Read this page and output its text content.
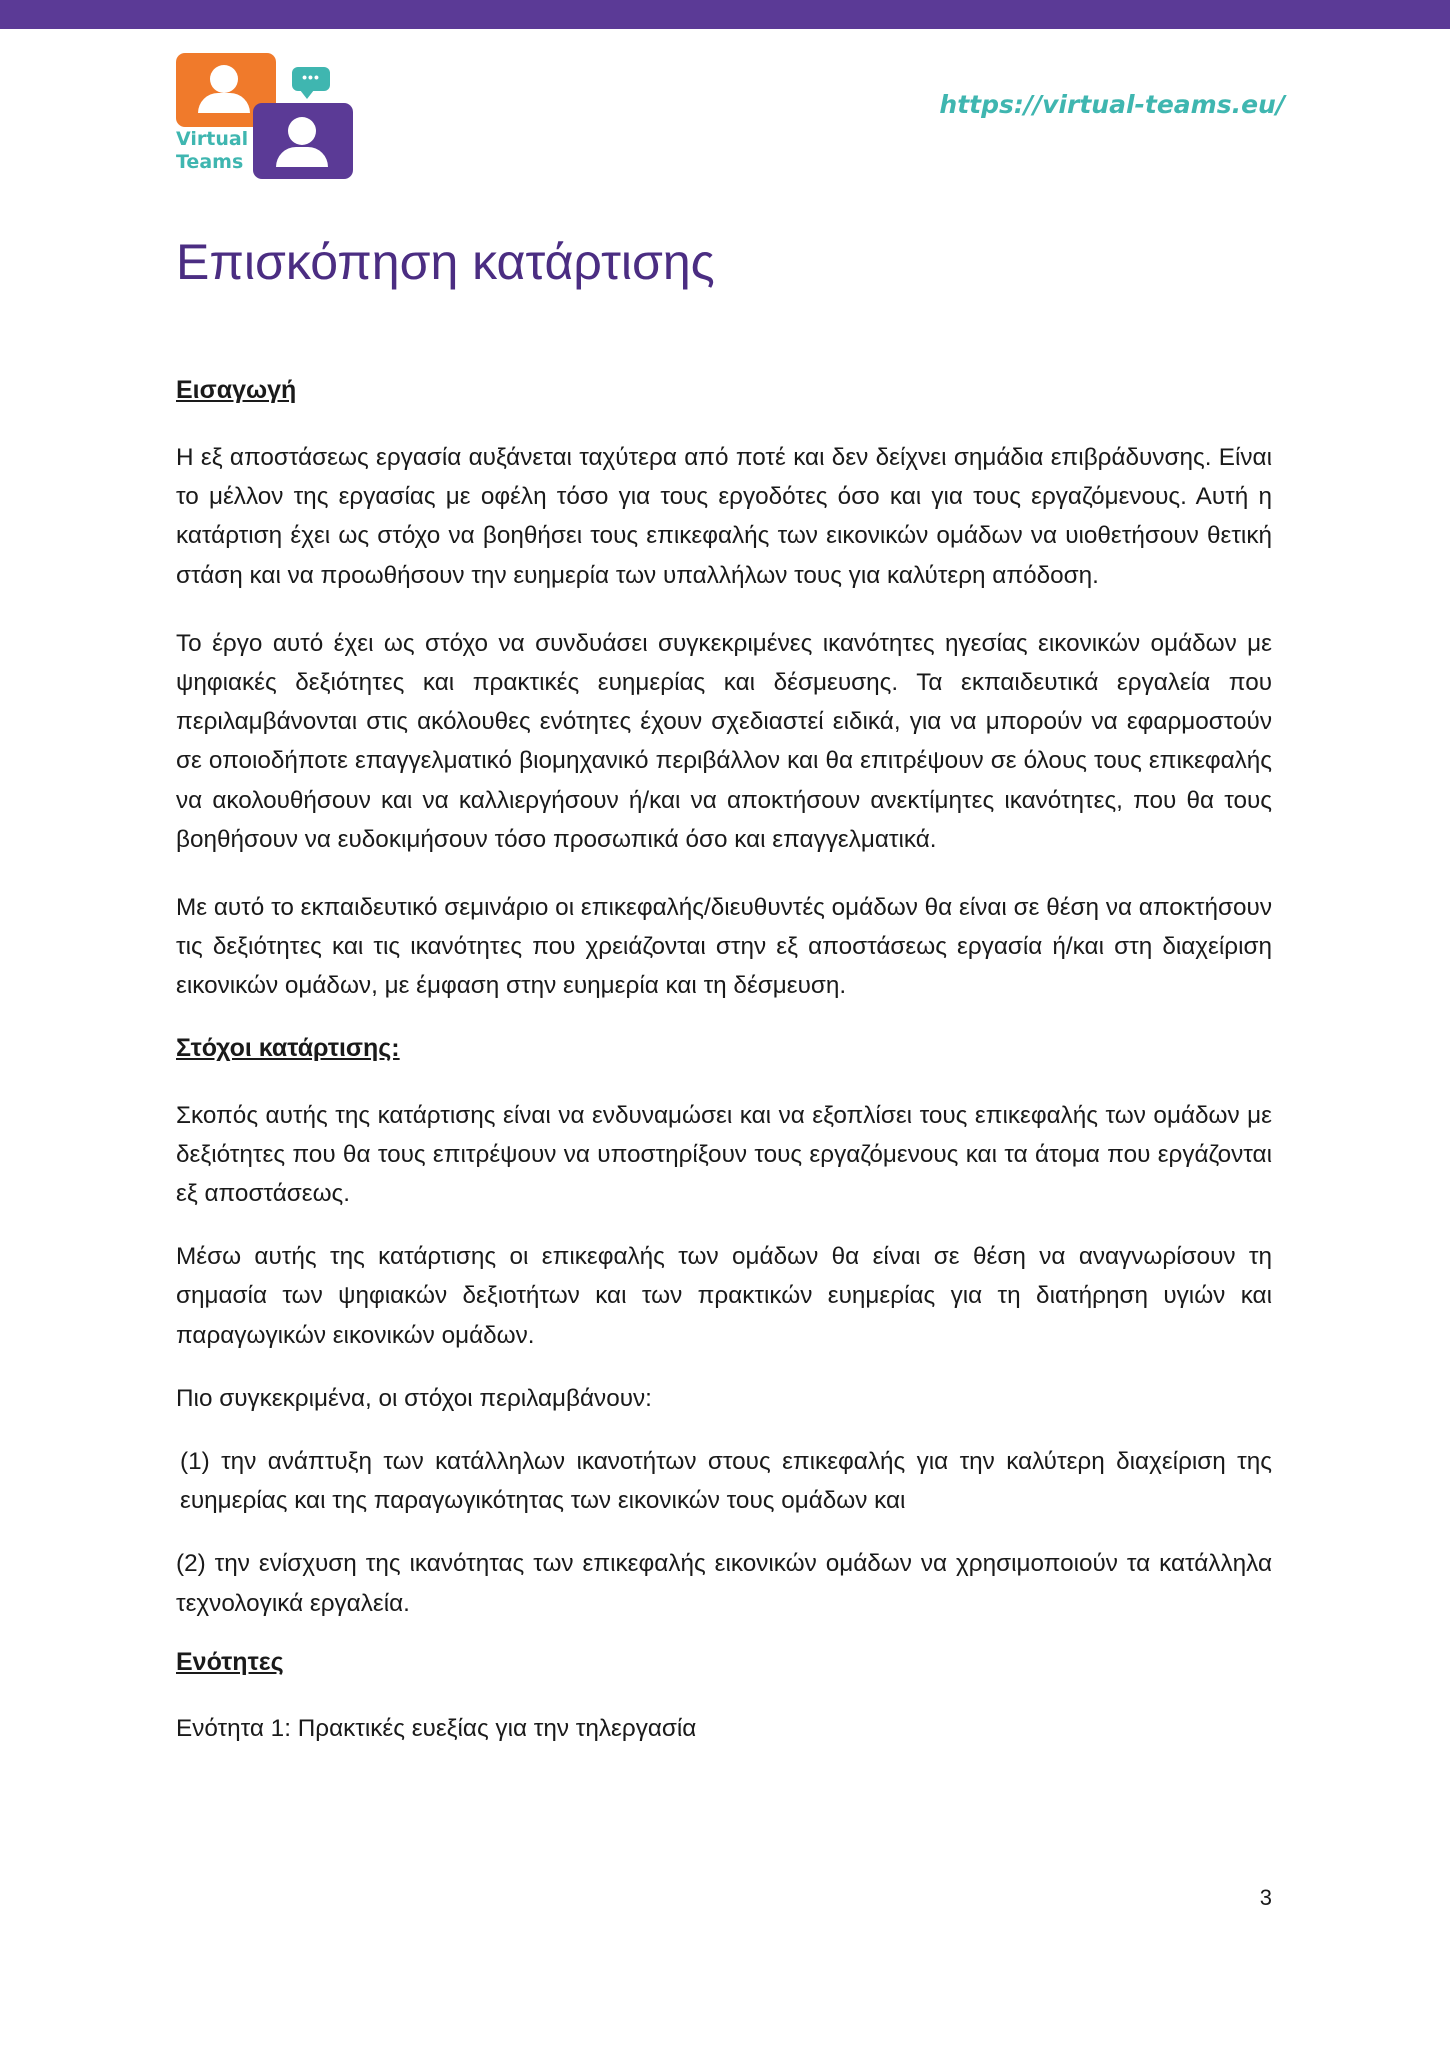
•••
Virtual
Teams
https://virtual-teams.eu/
Επισκόπηση κατάρτισης
Εισαγωγή

Η εξ αποστάσεως εργασία αυξάνεται ταχύτερα από ποτέ και δεν δείχνει σημάδια επιβράδυνσης. Είναι το μέλλον της εργασίας με οφέλη τόσο για τους εργοδότες όσο και για τους εργαζόμενους. Αυτή η κατάρτιση έχει ως στόχο να βοηθήσει τους επικεφαλής των εικονικών ομάδων να υιοθετήσουν θετική στάση και να προωθήσουν την ευημερία των υπαλλήλων τους για καλύτερη απόδοση.

Το έργο αυτό έχει ως στόχο να συνδυάσει συγκεκριμένες ικανότητες ηγεσίας εικονικών ομάδων με ψηφιακές δεξιότητες και πρακτικές ευημερίας και δέσμευσης. Τα εκπαιδευτικά εργαλεία που περιλαμβάνονται στις ακόλουθες ενότητες έχουν σχεδιαστεί ειδικά, για να μπορούν να εφαρμοστούν σε οποιοδήποτε επαγγελματικό βιομηχανικό περιβάλλον και θα επιτρέψουν σε όλους τους επικεφαλής να ακολουθήσουν και να καλλιεργήσουν ή/και να αποκτήσουν ανεκτίμητες ικανότητες, που θα τους βοηθήσουν να ευδοκιμήσουν τόσο προσωπικά όσο και επαγγελματικά.

Με αυτό το εκπαιδευτικό σεμινάριο οι επικεφαλής/διευθυντές ομάδων θα είναι σε θέση να αποκτήσουν τις δεξιότητες και τις ικανότητες που χρειάζονται στην εξ αποστάσεως εργασία ή/και στη διαχείριση εικονικών ομάδων, με έμφαση στην ευημερία και τη δέσμευση.

Στόχοι κατάρτισης:

Σκοπός αυτής της κατάρτισης είναι να ενδυναμώσει και να εξοπλίσει τους επικεφαλής των ομάδων με δεξιότητες που θα τους επιτρέψουν να υποστηρίξουν τους εργαζόμενους και τα άτομα που εργάζονται εξ αποστάσεως.

Μέσω αυτής της κατάρτισης οι επικεφαλής των ομάδων θα είναι σε θέση να αναγνωρίσουν τη σημασία των ψηφιακών δεξιοτήτων και των πρακτικών ευημερίας για τη διατήρηση υγιών και παραγωγικών εικονικών ομάδων.

Πιο συγκεκριμένα, οι στόχοι περιλαμβάνουν:

(1) την ανάπτυξη των κατάλληλων ικανοτήτων στους επικεφαλής για την καλύτερη διαχείριση της ευημερίας και της παραγωγικότητας των εικονικών τους ομάδων και

(2) την ενίσχυση της ικανότητας των επικεφαλής εικονικών ομάδων να χρησιμοποιούν τα κατάλληλα τεχνολογικά εργαλεία.

Ενότητες

Ενότητα 1: Πρακτικές ευεξίας για την τηλεργασία

3
